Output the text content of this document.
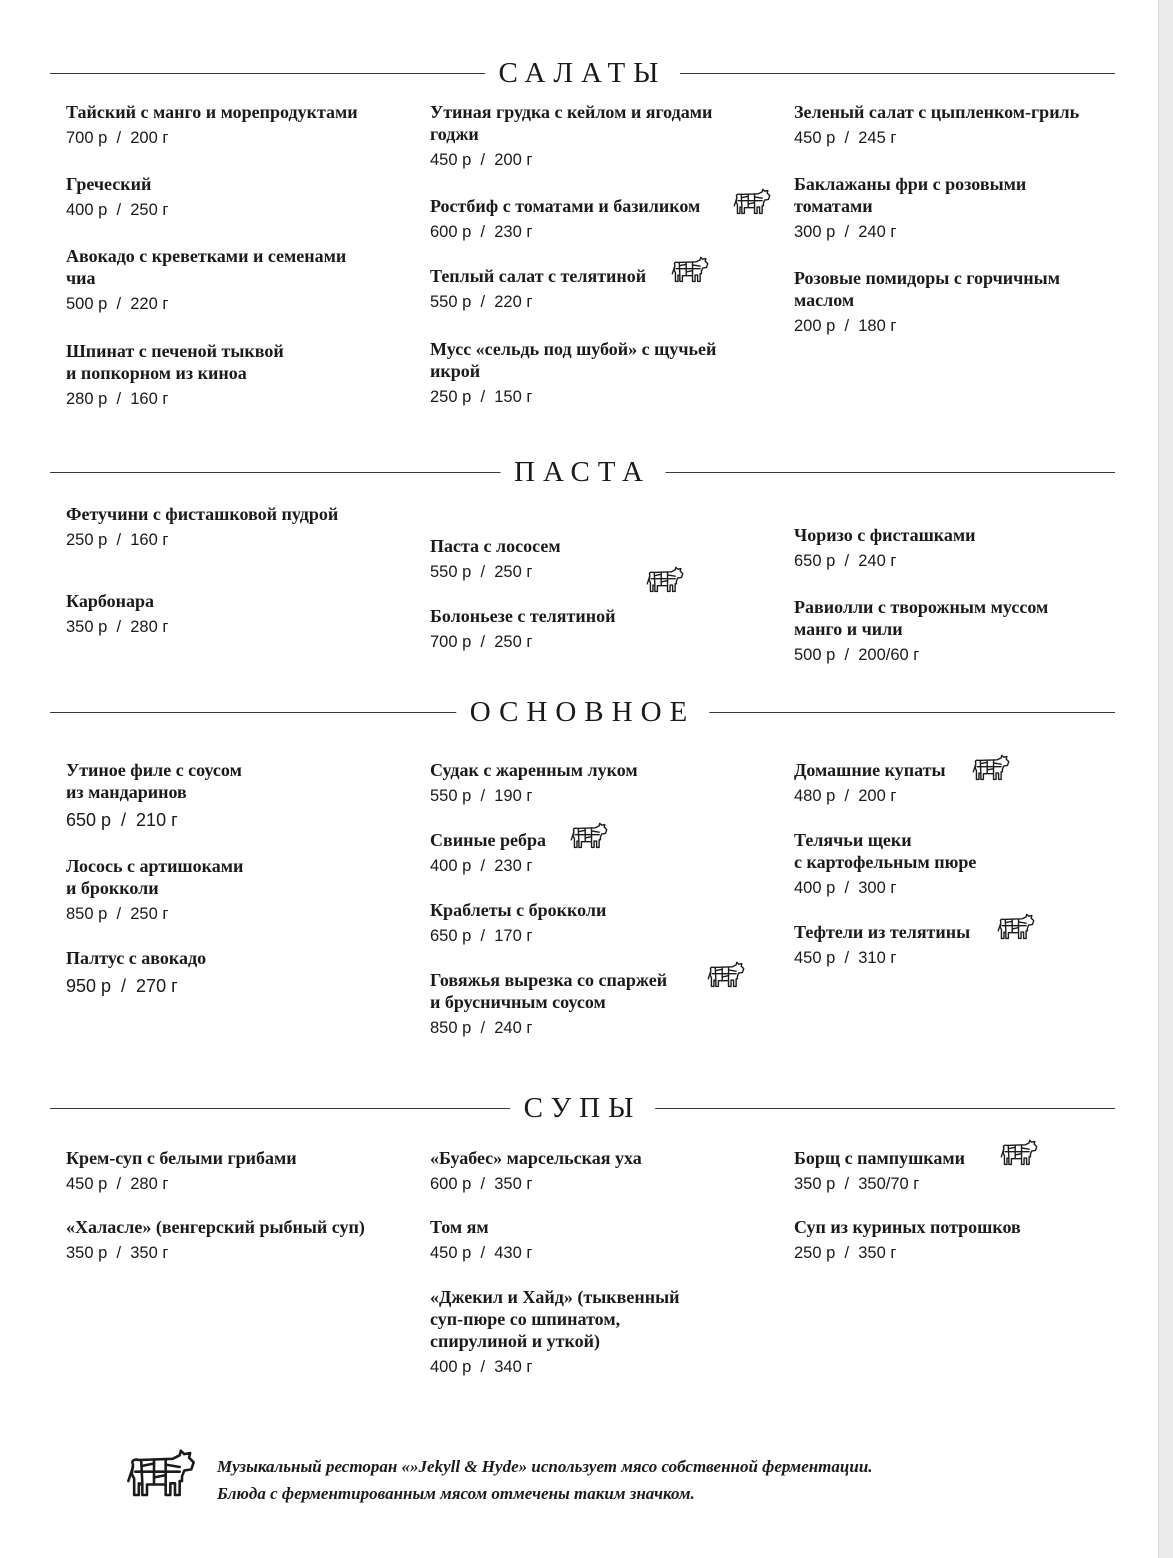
САЛАТЫ
Тайский с манго и морепродуктами
700 р  /  200 г
Греческий
400 р  /  250 г
Авокадо с креветками и семенами
чиа
500 р  /  220 г
Шпинат с печеной тыквой
и попкорном из киноа
280 р  /  160 г
Утиная грудка с кейлом и ягодами
годжи
450 р  /  200 г
Ростбиф с томатами и базиликом
600 р  /  230 г
Теплый салат с телятиной
550 р  /  220 г
Мусс «сельдь под шубой» с щучьей
икрой
250 р  /  150 г
Зеленый салат с цыпленком-гриль
450 р  /  245 г
Баклажаны фри с розовыми
томатами
300 р  /  240 г
Розовые помидоры с горчичным
маслом
200 р  /  180 г
ПАСТА
Фетучини с фисташковой пудрой
250 р  /  160 г
Карбонара
350 р  /  280 г
Паста с лососем
550 р  /  250 г
Болоньезе с телятиной
700 р  /  250 г
Чоризо с фисташками
650 р  /  240 г
Равиолли с творожным муссом
манго и чили
500 р  /  200/60 г
ОСНОВНОЕ
Утиное филе с соусом
из мандаринов
650 р  /  210 г
Лосось с артишоками
и брокколи
850 р  /  250 г
Палтус с авокадо
950 р  /  270 г
Судак с жаренным луком
550 р  /  190 г
Свиные ребра
400 р  /  230 г
Краблеты с брокколи
650 р  /  170 г
Говяжья вырезка со спаржей
и брусничным соусом
850 р  /  240 г
Домашние купаты
480 р  /  200 г
Телячьи щеки
с картофельным пюре
400 р  /  300 г
Тефтели из телятины
450 р  /  310 г
СУПЫ
Крем-суп с белыми грибами
450 р  /  280 г
«Халасле» (венгерский рыбный суп)
350 р  /  350 г
«Буабес» марсельская уха
600 р  /  350 г
Том ям
450 р  /  430 г
«Джекил и Хайд» (тыквенный
суп-пюре со шпинатом,
спирулиной и уткой)
400 р  /  340 г
Борщ с пампушками
350 р  /  350/70 г
Суп из куриных потрошков
250 р  /  350 г
Музыкальный ресторан «»Jekyll & Hyde» использует мясо собственной ферментации.
Блюда с ферментированным мясом отмечены таким значком.
